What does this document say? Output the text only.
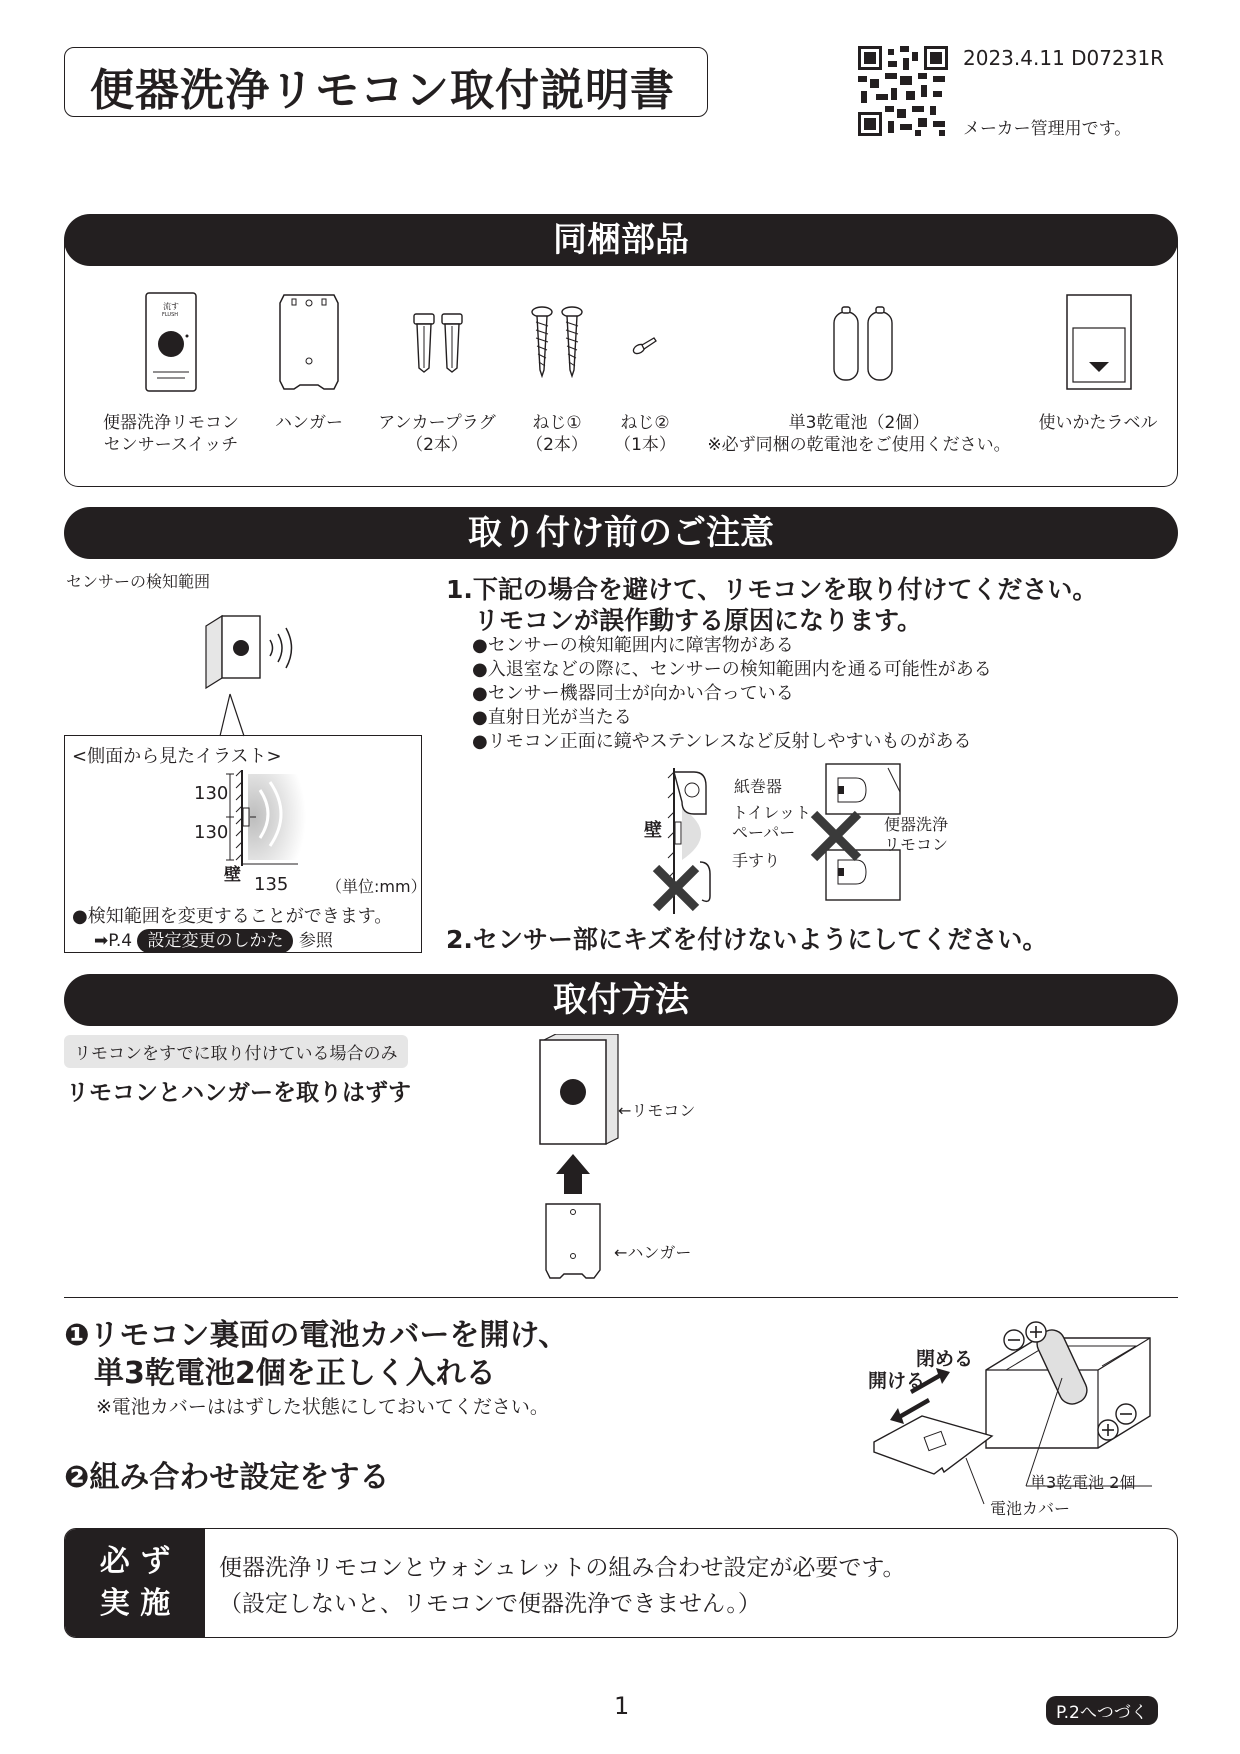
便器洗浄リモコン取付説明書
2023.4.11 D07231R
メーカー管理用です。
同梱部品
流す
FLUSH
便器洗浄リモコン
センサースイッチ
ハンガー	アンカープラグ
（2本）
ねじ①
（2本）
ねじ②
（1本）
単3乾電池（2個）
※必ず同梱の乾電池をご使用ください。
使いかたラベル
取り付け前のご注意
センサーの検知範囲
<側面から見たイラスト>
130
130
壁 135 （単位:mm）
●検知範囲を変更することができます。
➡P.4 設定変更のしかた 参照
1.下記の場合を避けて、リモコンを取り付けてください。
リモコンが誤作動する原因になります。
●センサーの検知範囲内に障害物がある
●入退室などの際に、センサーの検知範囲内を通る可能性がある
●センサー機器同士が向かい合っている
●直射日光が当たる
●リモコン正面に鏡やステンレスなど反射しやすいものがある
壁
紙巻器
トイレット
ペーパー
手すり
便器洗浄
リモコン
2.センサー部にキズを付けないようにしてください。
取付方法
リモコンをすでに取り付けている場合のみ
リモコンとハンガーを取りはずす
←リモコン
←ハンガー
❶リモコン裏面の電池カバーを開け、
単3乾電池2個を正しく入れる
※電池カバーははずした状態にしておいてください。
❷組み合わせ設定をする
閉める
開ける
単3乾電池 2個
電池カバー
必 ず
実 施
便器洗浄リモコンとウォシュレットの組み合わせ設定が必要です。
（設定しないと、リモコンで便器洗浄できません。）
1	P.2へつづく
